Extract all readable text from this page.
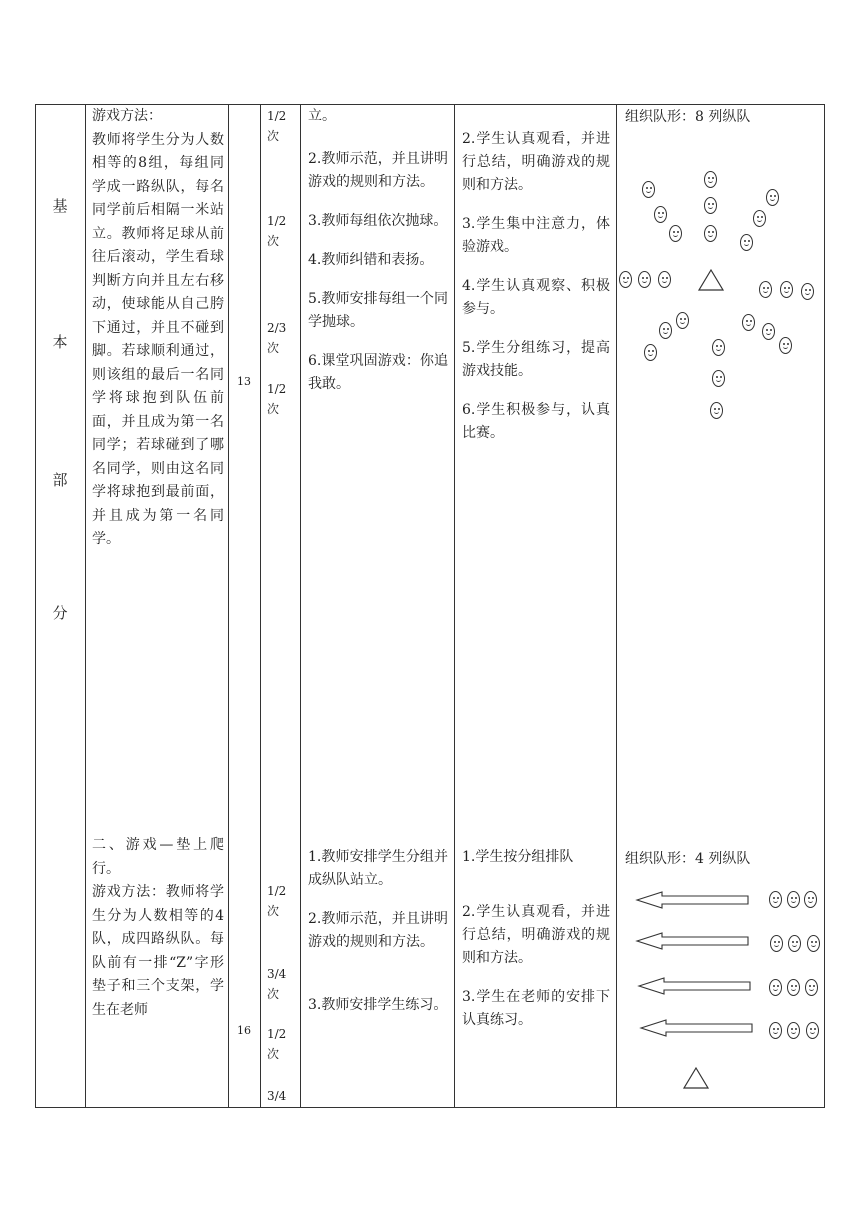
基
本
部
分

游戏方法：

教师将学生分为人数相等的8组，每组同学成一路纵队，每名同学前后相隔一米站立。教师将足球从前往后滚动，学生看球判断方向并且左右移动，使球能从自己胯下通过，并且不碰到脚。若球顺利通过，则该组的最后一名同学将球抱到队伍前面，并且成为第一名同学；若球碰到了哪名同学，则由这名同学将球抱到最前面，并且成为第一名同学。

13
1/2次
1/2次
2/3次
1/2次

立。

2.教师示范，并且讲明游戏的规则和方法。

3.教师每组依次抛球。

4.教师纠错和表扬。

5.教师安排每组一个同学抛球。

6.课堂巩固游戏：你追我敢。

2.学生认真观看，并进行总结，明确游戏的规则和方法。

3.学生集中注意力，体验游戏。

4.学生认真观察、积极参与。

5.学生分组练习，提高游戏技能。

6.学生积极参与，认真比赛。

组织队形：8 列纵队

二、游戏—垫上爬行。

游戏方法：教师将学生分为人数相等的4队，成四路纵队。每队前有一排“Z”字形垫子和三个支架，学生在老师

16
1/2次
3/4次
1/2次
3/4

1.教师安排学生分组并成纵队站立。

2.教师示范，并且讲明游戏的规则和方法。

3.教师安排学生练习。

1.学生按分组排队

2.学生认真观看，并进行总结，明确游戏的规则和方法。

3.学生在老师的安排下认真练习。

组织队形：4 列纵队
